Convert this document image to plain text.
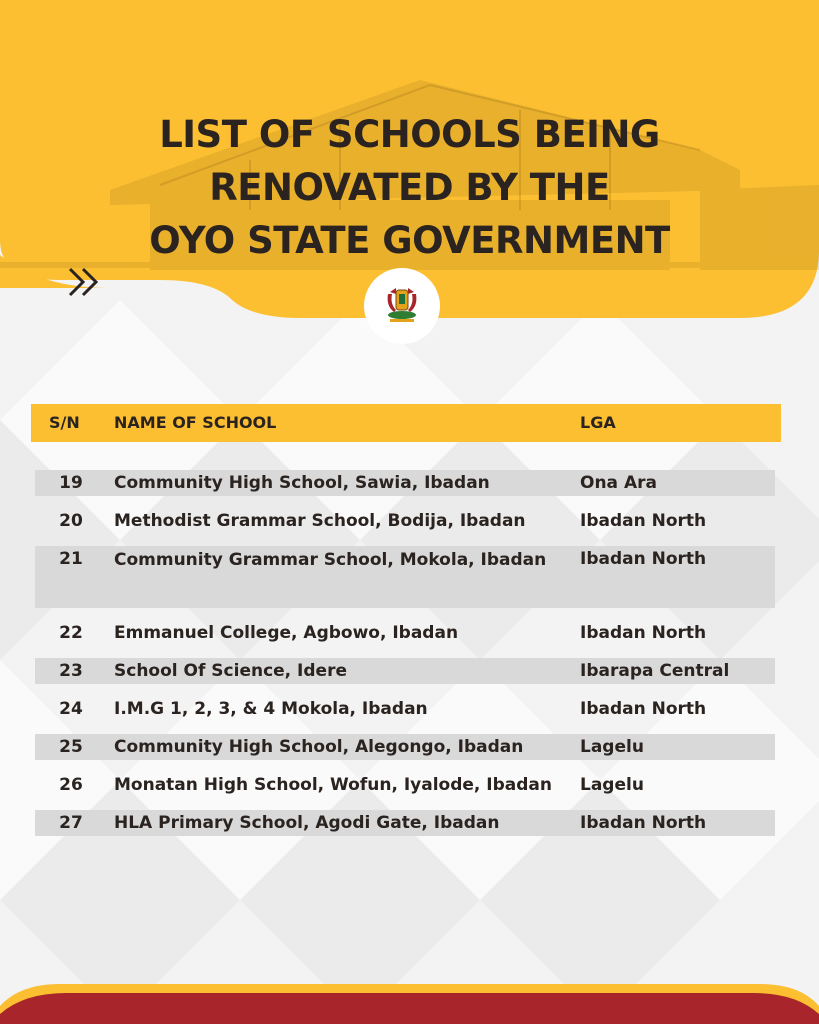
LIST OF SCHOOLS BEING
RENOVATED BY THE
OYO STATE GOVERNMENT
S/N NAME OF SCHOOL	LGA
19	Community High School, Sawia, Ibadan	Ona Ara
20	Methodist Grammar School, Bodija, Ibadan	Ibadan North
21	Community Grammar School, Mokola, Ibadan	Ibadan North
22	Emmanuel College, Agbowo, Ibadan	Ibadan North
23	School Of Science, Idere	Ibarapa Central
24	I.M.G 1, 2, 3, & 4 Mokola, Ibadan	Ibadan North
25	Community High School, Alegongo, Ibadan	Lagelu
26	Monatan High School, Wofun, Iyalode, Ibadan	Lagelu
27	HLA Primary School, Agodi Gate, Ibadan	Ibadan North
